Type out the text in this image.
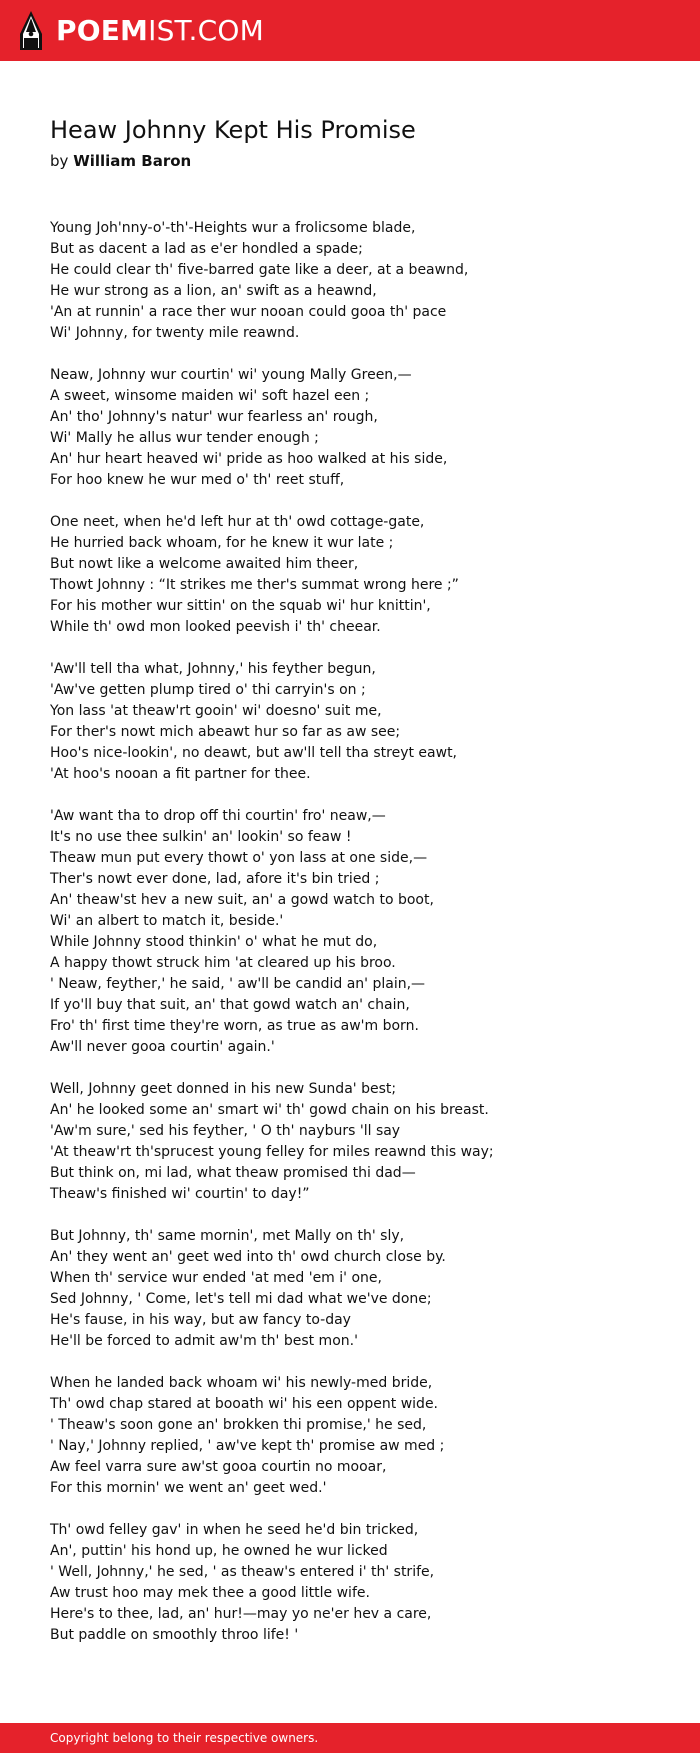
POEMIST.COM
Heaw Johnny Kept His Promise
by William Baron
Young Joh'nny-o'-th'-Heights wur a frolicsome blade,
But as dacent a lad as e'er hondled a spade;
He could clear th' five-barred gate like a deer, at a beawnd,
He wur strong as a lion, an' swift as a heawnd,
'An at runnin' a race ther wur nooan could gooa th' pace
Wi' Johnny, for twenty mile reawnd.
Neaw, Johnny wur courtin' wi' young Mally Green,—
A sweet, winsome maiden wi' soft hazel een ;
An' tho' Johnny's natur' wur fearless an' rough,
Wi' Mally he allus wur tender enough ;
An' hur heart heaved wi' pride as hoo walked at his side,
For hoo knew he wur med o' th' reet stuff,
One neet, when he'd left hur at th' owd cottage-gate,
He hurried back whoam, for he knew it wur late ;
But nowt like a welcome awaited him theer,
Thowt Johnny : “It strikes me ther's summat wrong here ;”
For his mother wur sittin' on the squab wi' hur knittin',
While th' owd mon looked peevish i' th' cheear.
'Aw'll tell tha what, Johnny,' his feyther begun,
'Aw've getten plump tired o' thi carryin's on ;
Yon lass 'at theaw'rt gooin' wi' doesno' suit me,
For ther's nowt mich abeawt hur so far as aw see;
Hoo's nice-lookin', no deawt, but aw'll tell tha streyt eawt,
'At hoo's nooan a fit partner for thee.
'Aw want tha to drop off thi courtin' fro' neaw,—
It's no use thee sulkin' an' lookin' so feaw !
Theaw mun put every thowt o' yon lass at one side,—
Ther's nowt ever done, lad, afore it's bin tried ;
An' theaw'st hev a new suit, an' a gowd watch to boot,
Wi' an albert to match it, beside.'
While Johnny stood thinkin' o' what he mut do,
A happy thowt struck him 'at cleared up his broo.
' Neaw, feyther,' he said, ' aw'll be candid an' plain,—
If yo'll buy that suit, an' that gowd watch an' chain,
Fro' th' first time they're worn, as true as aw'm born.
Aw'll never gooa courtin' again.'
Well, Johnny geet donned in his new Sunda' best;
An' he looked some an' smart wi' th' gowd chain on his breast.
'Aw'm sure,' sed his feyther, ' O th' nayburs 'll say
'At theaw'rt th'sprucest young felley for miles reawnd this way;
But think on, mi lad, what theaw promised thi dad—
Theaw's finished wi' courtin' to day!”
But Johnny, th' same mornin', met Mally on th' sly,
An' they went an' geet wed into th' owd church close by.
When th' service wur ended 'at med 'em i' one,
Sed Johnny, ' Come, let's tell mi dad what we've done;
He's fause, in his way, but aw fancy to-day
He'll be forced to admit aw'm th' best mon.'
When he landed back whoam wi' his newly-med bride,
Th' owd chap stared at booath wi' his een oppent wide.
' Theaw's soon gone an' brokken thi promise,' he sed,
' Nay,' Johnny replied, ' aw've kept th' promise aw med ;
Aw feel varra sure aw'st gooa courtin no mooar,
For this mornin' we went an' geet wed.'
Th' owd felley gav' in when he seed he'd bin tricked,
An', puttin' his hond up, he owned he wur licked
' Well, Johnny,' he sed, ' as theaw's entered i' th' strife,
Aw trust hoo may mek thee a good little wife.
Here's to thee, lad, an' hur!—may yo ne'er hev a care,
But paddle on smoothly throo life! '
Copyright belong to their respective owners.
